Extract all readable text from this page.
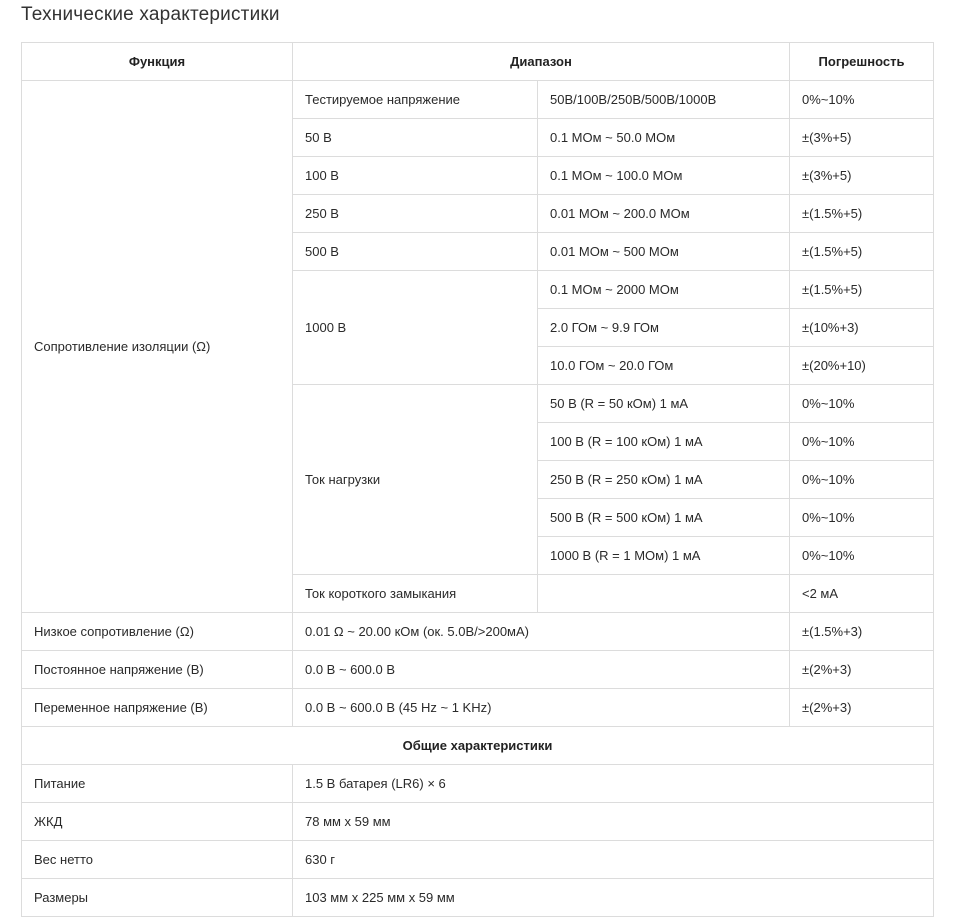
Технические характеристики
Функция	Диапазон		Погрешность
Сопротивление изоляции (Ω)	Тестируемое напряжение	50В/100В/250В/500В/1000В	0%~10%
	50 В	0.1 МОм ~ 50.0 МОм	±(3%+5)
	100 В	0.1 МОм ~ 100.0 МОм	±(3%+5)
	250 В	0.01 МОм ~ 200.0 МОм	±(1.5%+5)
	500 В	0.01 МОм ~ 500 МОм	±(1.5%+5)
	1000 В	0.1 МОм ~ 2000 МОм	±(1.5%+5)
		2.0 ГОм ~ 9.9 ГОм	±(10%+3)
		10.0 ГОм ~ 20.0 ГОм	±(20%+10)
	Ток нагрузки	50 В (R = 50 кОм) 1 мА	0%~10%
		100 В (R = 100 кОм) 1 мА	0%~10%
		250 В (R = 250 кОм) 1 мА	0%~10%
		500 В (R = 500 кОм) 1 мА	0%~10%
		1000 В (R = 1 МОм) 1 мА	0%~10%
	Ток короткого замыкания		<2 мА
Низкое сопротивление (Ω)	0.01 Ω ~ 20.00 кОм (ок. 5.0В/>200мА)		±(1.5%+3)
Постоянное напряжение (В)	0.0 В ~ 600.0 В		±(2%+3)
Переменное напряжение (В)	0.0 В ~ 600.0 В (45 Hz ~ 1 KHz)		±(2%+3)
Общие характеристики			
Питание	1.5 В батарея (LR6) × 6		
ЖКД	78 мм x 59 мм		
Вес нетто	630 г		
Размеры	103 мм x 225 мм x 59 мм		
